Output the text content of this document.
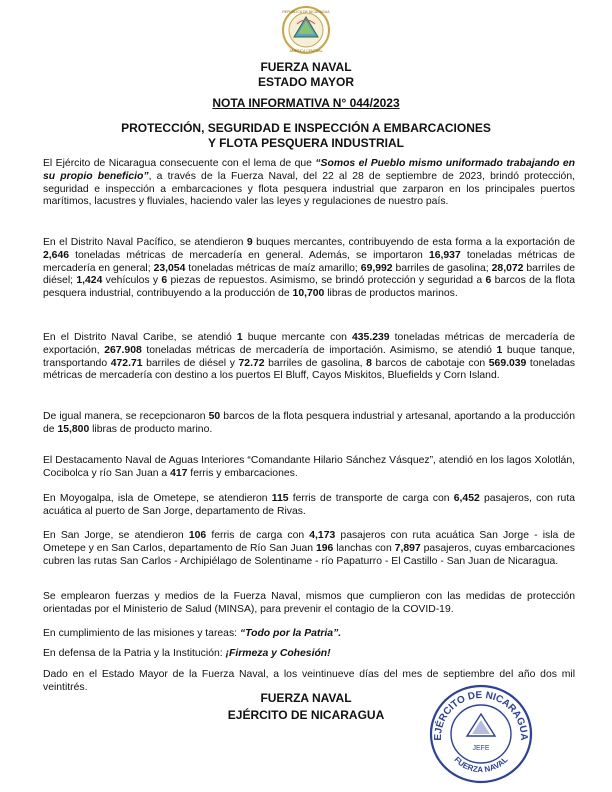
REPUBLICA DE NICARAGUA
AMERICA CENTRAL
FUERZA NAVAL
ESTADO MAYOR
NOTA INFORMATIVA N° 044/2023
PROTECCIÓN, SEGURIDAD E INSPECCIÓN A EMBARCACIONES
Y FLOTA PESQUERA INDUSTRIAL

El Ejército de Nicaragua consecuente con el lema de que “Somos el Pueblo mismo uniformado trabajando en su propio beneficio”, a través de la Fuerza Naval, del 22 al 28 de septiembre de 2023, brindó protección, seguridad e inspección a embarcaciones y flota pesquera industrial que zarparon en los principales puertos marítimos, lacustres y fluviales, haciendo valer las leyes y regulaciones de nuestro país.

En el Distrito Naval Pacífico, se atendieron 9 buques mercantes, contribuyendo de esta forma a la exportación de 2,646 toneladas métricas de mercadería en general. Además, se importaron 16,937 toneladas métricas de mercadería en general; 23,054 toneladas métricas de maíz amarillo; 69,992 barriles de gasolina; 28,072 barriles de diésel; 1,424 vehículos y 6 piezas de repuestos. Asimismo, se brindó protección y seguridad a 6 barcos de la flota pesquera industrial, contribuyendo a la producción de 10,700 libras de productos marinos.

En el Distrito Naval Caribe, se atendió 1 buque mercante con 435.239 toneladas métricas de mercadería de exportación, 267.908 toneladas métricas de mercadería de importación. Asimismo, se atendió 1 buque tanque, transportando 472.71 barriles de diésel y 72.72 barriles de gasolina, 8 barcos de cabotaje con 569.039 toneladas métricas de mercadería con destino a los puertos El Bluff, Cayos Miskitos, Bluefields y Corn Island.

De igual manera, se recepcionaron 50 barcos de la flota pesquera industrial y artesanal, aportando a la producción de 15,800 libras de producto marino.

El Destacamento Naval de Aguas Interiores “Comandante Hilario Sánchez Vásquez”, atendió en los lagos Xolotlán, Cocibolca y río San Juan a 417 ferris y embarcaciones.

En Moyogalpa, isla de Ometepe, se atendieron 115 ferris de transporte de carga con 6,452 pasajeros, con ruta acuática al puerto de San Jorge, departamento de Rivas.

En San Jorge, se atendieron 106 ferris de carga con 4,173 pasajeros con ruta acuática San Jorge - isla de Ometepe y en San Carlos, departamento de Río San Juan 196 lanchas con 7,897 pasajeros, cuyas embarcaciones cubren las rutas San Carlos - Archipiélago de Solentiname - río Papaturro - El Castillo - San Juan de Nicaragua.

Se emplearon fuerzas y medios de la Fuerza Naval, mismos que cumplieron con las medidas de protección orientadas por el Ministerio de Salud (MINSA), para prevenir el contagio de la COVID-19.

En cumplimiento de las misiones y tareas: “Todo por la Patria”.

En defensa de la Patria y la Institución: ¡Firmeza y Cohesión!

Dado en el Estado Mayor de la Fuerza Naval, a los veintinueve días del mes de septiembre del año dos mil veintitrés.

FUERZA NAVAL
EJÉRCITO DE NICARAGUA
EJÉRCITO DE NICARAGUA
FUERZA NAVAL
JEFE
